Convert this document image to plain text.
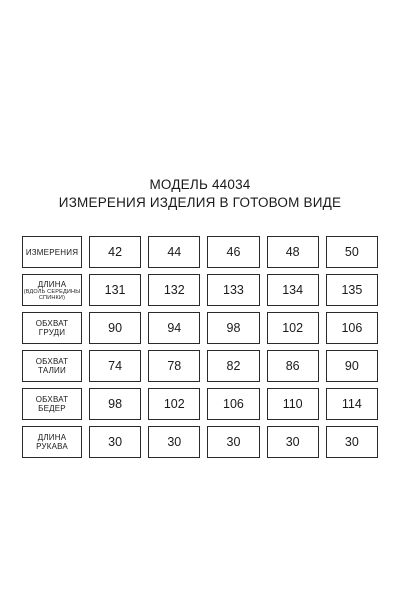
МОДЕЛЬ 44034
ИЗМЕРЕНИЯ ИЗДЕЛИЯ В ГОТОВОМ ВИДЕ
ИЗМЕРЕНИЯ	42	44	46	48	50
ДЛИНА
(ВДОЛЬ СЕРЕДИНЫ СПИНКИ)	131	132	133	134	135
ОБХВАТ
ГРУДИ	90	94	98	102	106
ОБХВАТ
ТАЛИИ	74	78	82	86	90
ОБХВАТ
БЕДЕР	98	102	106	110	114
ДЛИНА
РУКАВА	30	30	30	30	30
